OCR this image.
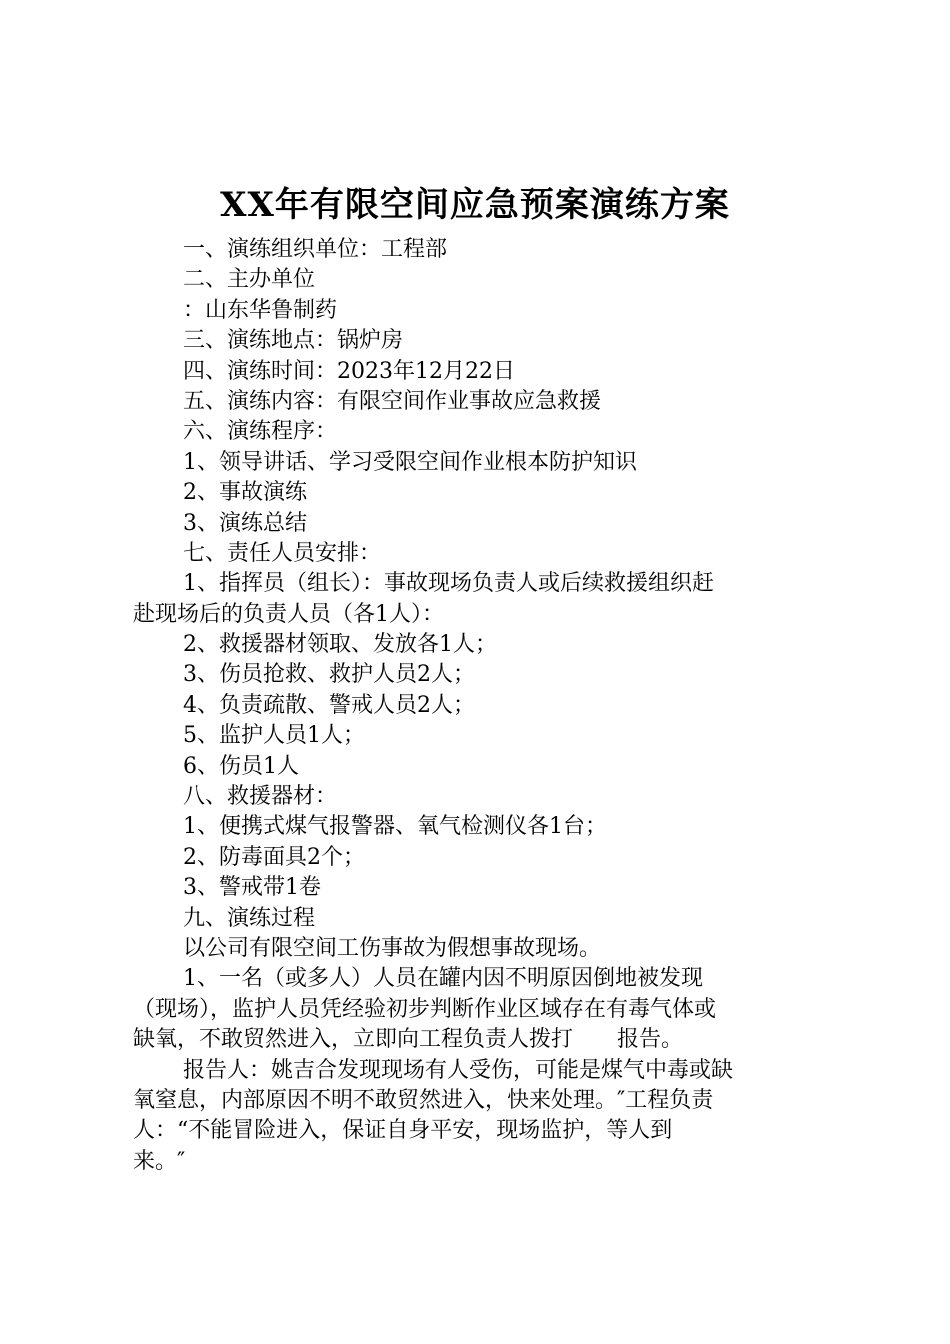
XX年有限空间应急预案演练方案
一、演练组织单位：工程部
二、主办单位
：山东华鲁制药
三、演练地点：锅炉房
四、演练时间：2023年12月22日
五、演练内容：有限空间作业事故应急救援
六、演练程序：
1、领导讲话、学习受限空间作业根本防护知识
2、事故演练
3、演练总结
七、责任人员安排：
1、指挥员（组长）：事故现场负责人或后续救援组织赶
赴现场后的负责人员（各1人）：
2、救援器材领取、发放各1人；
3、伤员抢救、救护人员2人；
4、负责疏散、警戒人员2人；
5、监护人员1人；
6、伤员1人
八、救援器材：
1、便携式煤气报警器、氧气检测仪各1台；
2、防毒面具2个；
3、警戒带1卷
九、演练过程
以公司有限空间工伤事故为假想事故现场。
1、一名（或多人）人员在罐内因不明原因倒地被发现
（现场），监护人员凭经验初步判断作业区域存在有毒气体或
缺氧，不敢贸然进入，立即向工程负责人拨打　　报告。
报告人：姚吉合发现现场有人受伤，可能是煤气中毒或缺
氧窒息，内部原因不明不敢贸然进入，快来处理。″工程负责
人：“不能冒险进入，保证自身平安，现场监护，等人到
来。″
